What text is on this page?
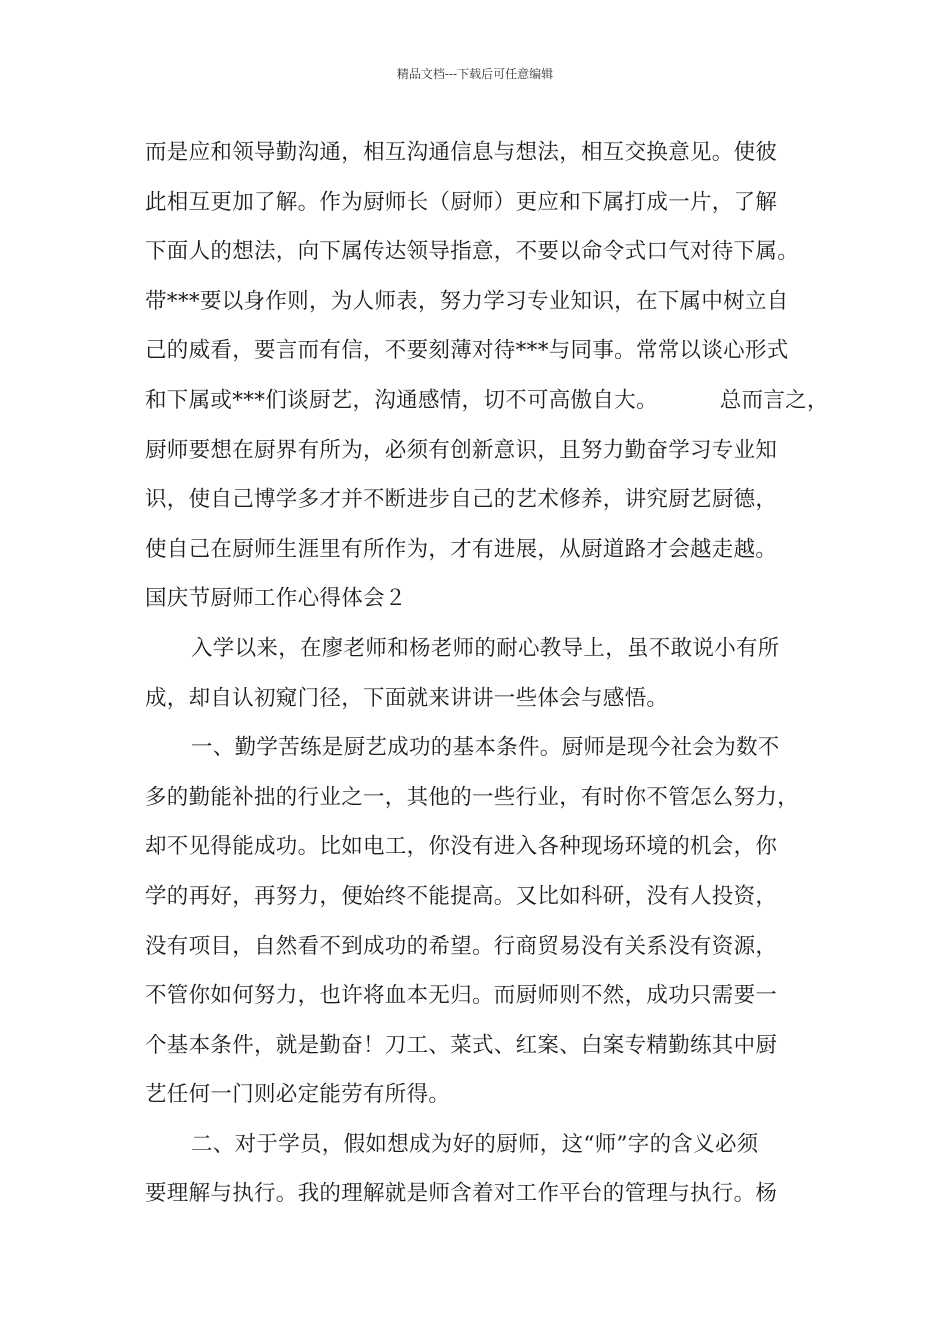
精品文档---下载后可任意编辑
而是应和领导勤沟通，相互沟通信息与想法，相互交换意见。使彼
此相互更加了解。作为厨师长（厨师）更应和下属打成一片，了解
下面人的想法，向下属传达领导指意，不要以命令式口气对待下属。
带***要以身作则，为人师表，努力学习专业知识，在下属中树立自
己的威看，要言而有信，不要刻薄对待***与同事。常常以谈心形式
和下属或***们谈厨艺，沟通感情，切不可高傲自大。	总而言之，
厨师要想在厨界有所为，必须有创新意识，且努力勤奋学习专业知
识，使自己博学多才并不断进步自己的艺术修养，讲究厨艺厨德，
使自己在厨师生涯里有所作为，才有进展，从厨道路才会越走越。
国庆节厨师工作心得体会２
入学以来，在廖老师和杨老师的耐心教导上，虽不敢说小有所
成，却自认初窥门径，下面就来讲讲一些体会与感悟。
一、勤学苦练是厨艺成功的基本条件。厨师是现今社会为数不
多的勤能补拙的行业之一，其他的一些行业，有时你不管怎么努力，
却不见得能成功。比如电工，你没有进入各种现场环境的机会，你
学的再好，再努力，便始终不能提高。又比如科研，没有人投资，
没有项目，自然看不到成功的希望。行商贸易没有关系没有资源，
不管你如何努力，也许将血本无归。而厨师则不然，成功只需要一
个基本条件，就是勤奋！刀工、菜式、红案、白案专精勤练其中厨
艺任何一门则必定能劳有所得。
二、对于学员，假如想成为好的厨师，这“师”字的含义必须
要理解与执行。我的理解就是师含着对工作平台的管理与执行。杨
